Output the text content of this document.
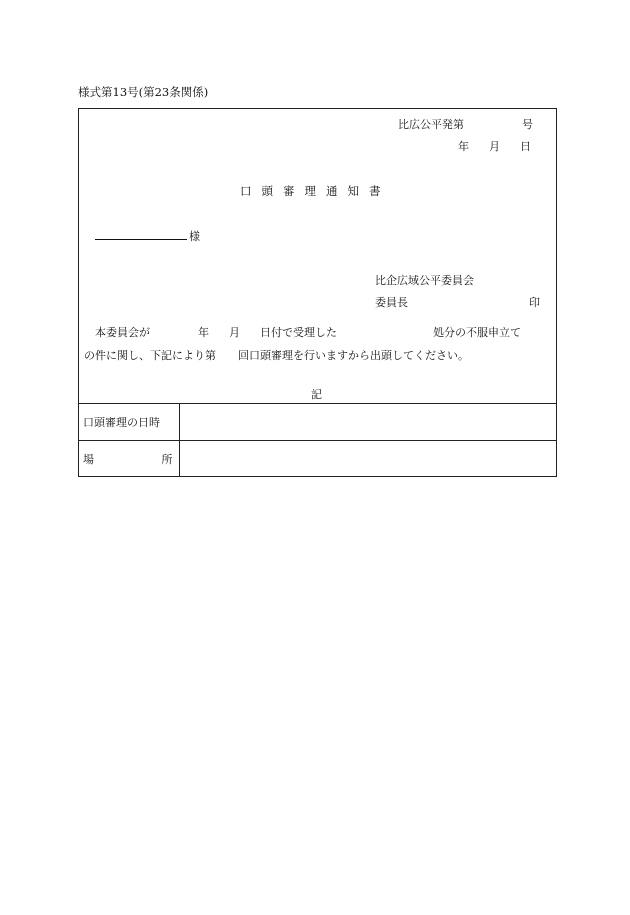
様式第13号(第23条関係)
比広公平発第	号
年 月 日
口頭審理通知書
様
比企広域公平委員会
委員長	印
本委員会が	年 月 日付で受理した	処分の不服申立て
の件に関し、下記により第 回口頭審理を行いますから出頭してください。
記
口頭審理の日時	
場所	
